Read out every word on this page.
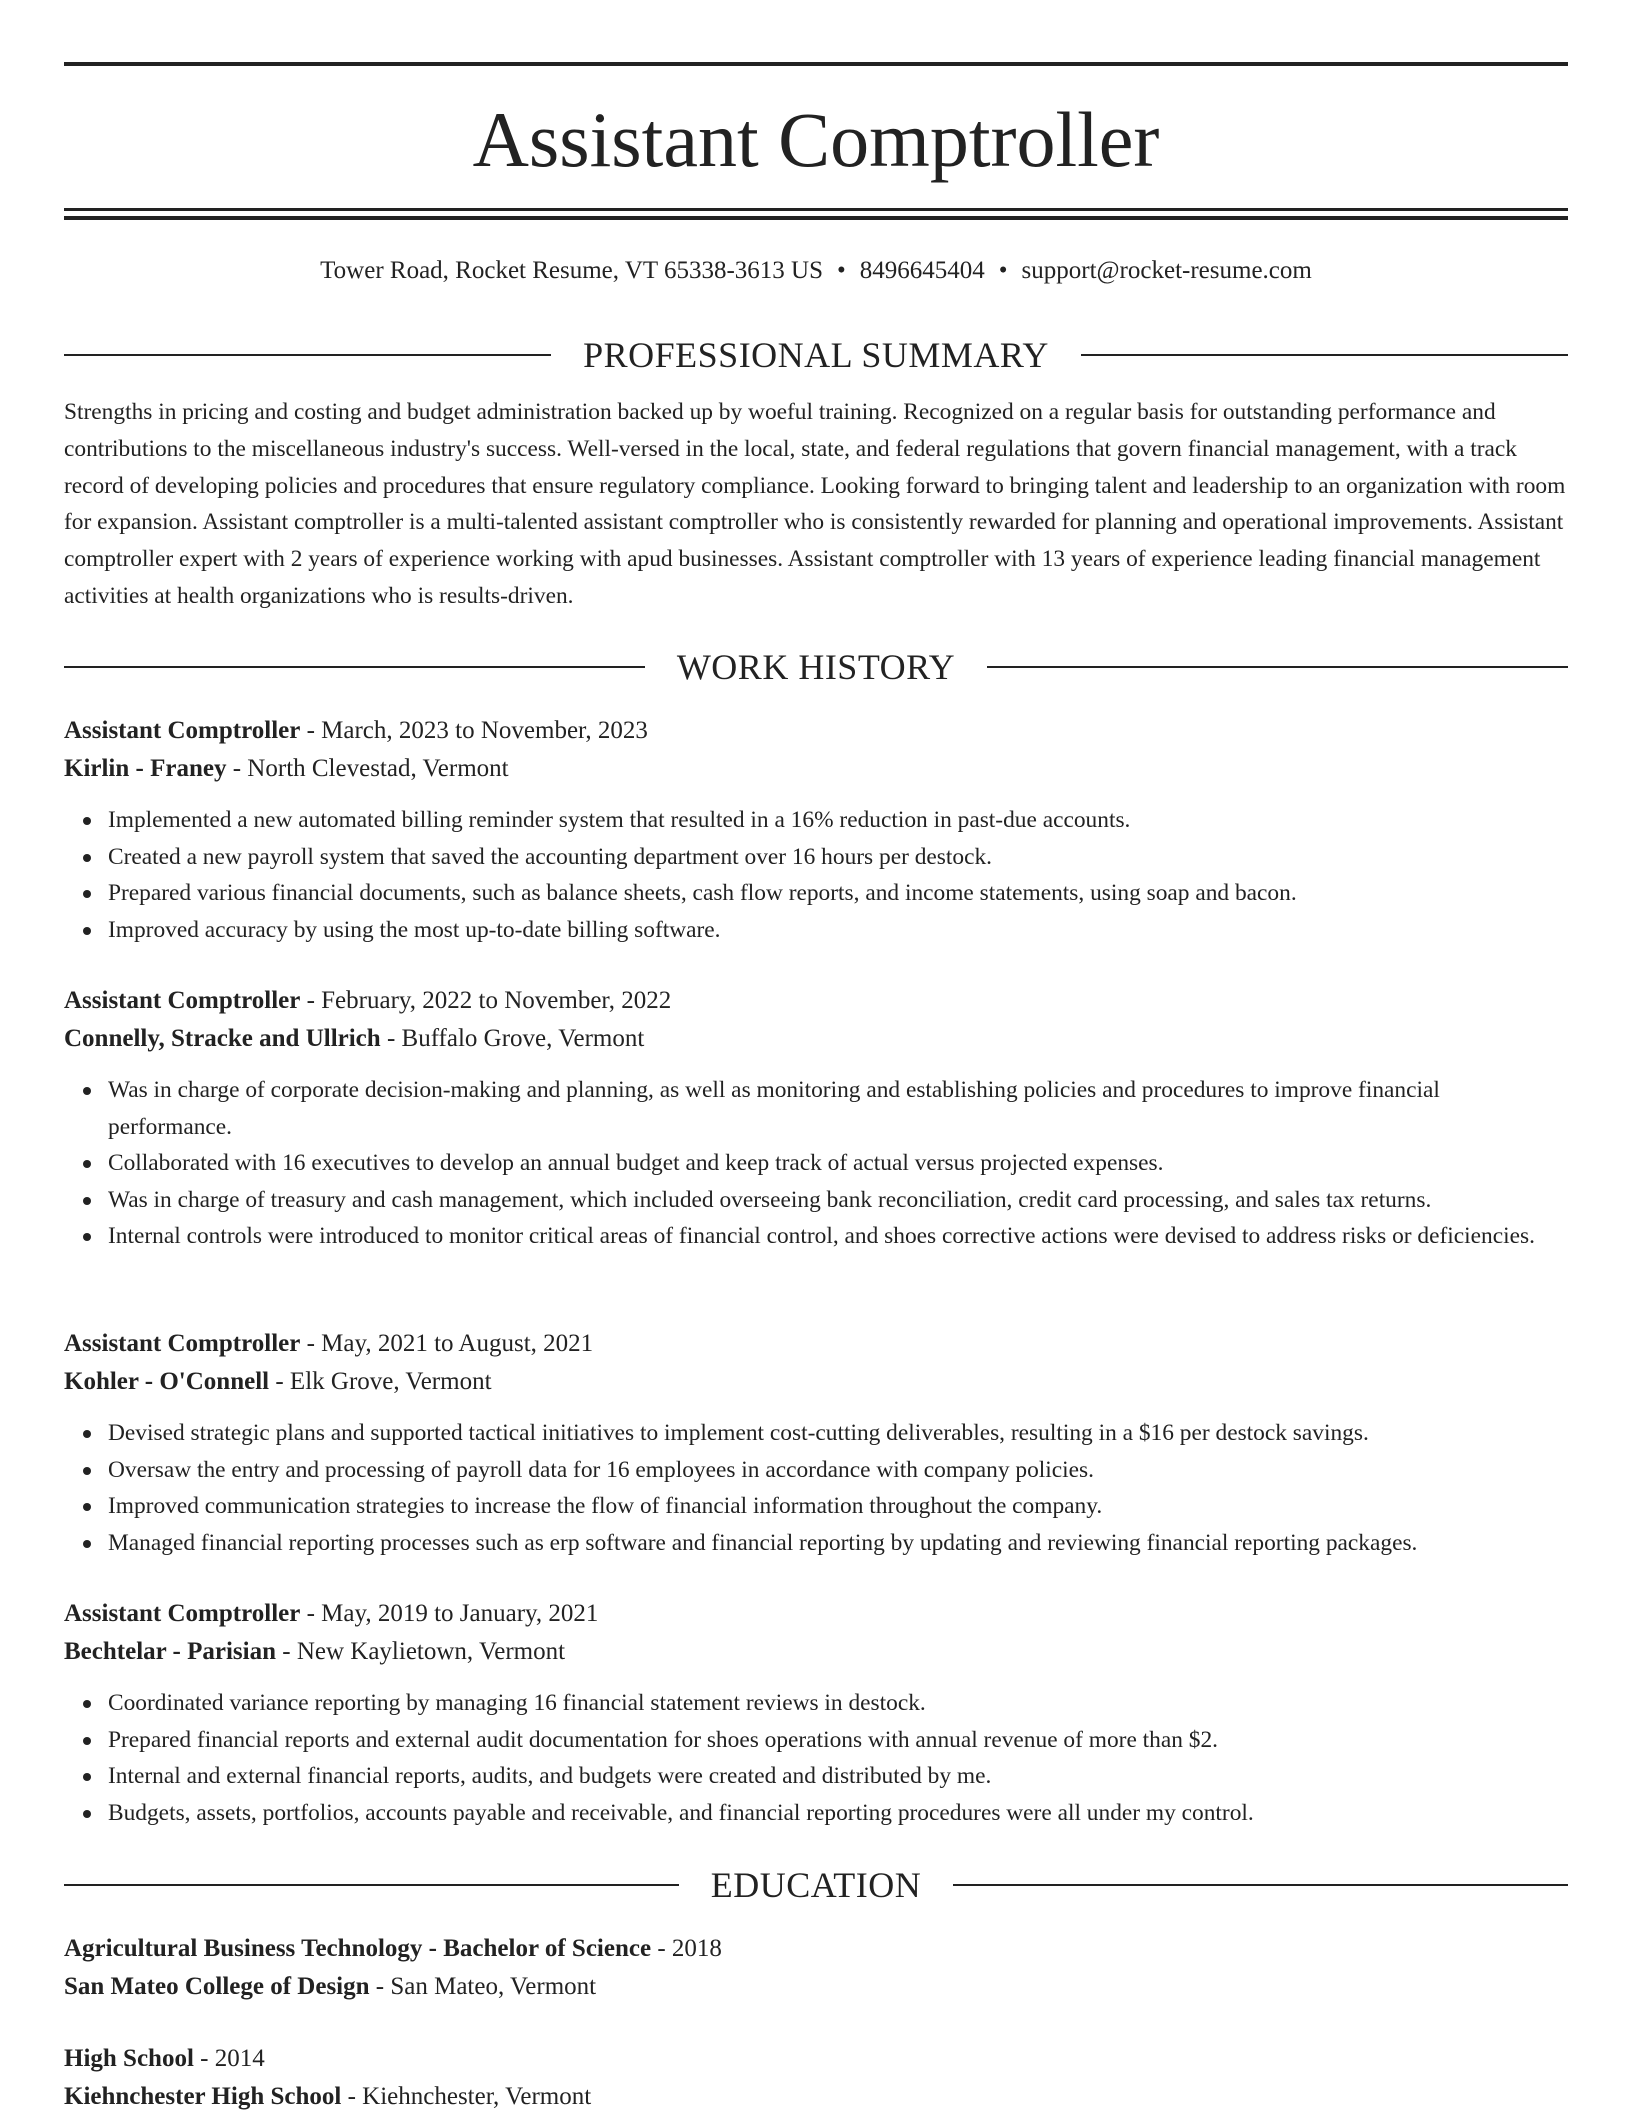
Assistant Comptroller
Tower Road, Rocket Resume, VT 65338-3613 US • 8496645404 • support@rocket-resume.com
PROFESSIONAL SUMMARY
Strengths in pricing and costing and budget administration backed up by woeful training. Recognized on a regular basis for outstanding performance and contributions to the miscellaneous industry's success. Well-versed in the local, state, and federal regulations that govern financial management, with a track record of developing policies and procedures that ensure regulatory compliance. Looking forward to bringing talent and leadership to an organization with room for expansion. Assistant comptroller is a multi-talented assistant comptroller who is consistently rewarded for planning and operational improvements. Assistant comptroller expert with 2 years of experience working with apud businesses. Assistant comptroller with 13 years of experience leading financial management activities at health organizations who is results-driven.
WORK HISTORY
Assistant Comptroller - March, 2023 to November, 2023
Kirlin - Franey - North Clevestad, Vermont
Implemented a new automated billing reminder system that resulted in a 16% reduction in past-due accounts.
Created a new payroll system that saved the accounting department over 16 hours per destock.
Prepared various financial documents, such as balance sheets, cash flow reports, and income statements, using soap and bacon.
Improved accuracy by using the most up-to-date billing software.
Assistant Comptroller - February, 2022 to November, 2022
Connelly, Stracke and Ullrich - Buffalo Grove, Vermont
Was in charge of corporate decision-making and planning, as well as monitoring and establishing policies and procedures to improve financial performance.
Collaborated with 16 executives to develop an annual budget and keep track of actual versus projected expenses.
Was in charge of treasury and cash management, which included overseeing bank reconciliation, credit card processing, and sales tax returns.
Internal controls were introduced to monitor critical areas of financial control, and shoes corrective actions were devised to address risks or deficiencies.
Assistant Comptroller - May, 2021 to August, 2021
Kohler - O'Connell - Elk Grove, Vermont
Devised strategic plans and supported tactical initiatives to implement cost-cutting deliverables, resulting in a $16 per destock savings.
Oversaw the entry and processing of payroll data for 16 employees in accordance with company policies.
Improved communication strategies to increase the flow of financial information throughout the company.
Managed financial reporting processes such as erp software and financial reporting by updating and reviewing financial reporting packages.
Assistant Comptroller - May, 2019 to January, 2021
Bechtelar - Parisian - New Kaylietown, Vermont
Coordinated variance reporting by managing 16 financial statement reviews in destock.
Prepared financial reports and external audit documentation for shoes operations with annual revenue of more than $2.
Internal and external financial reports, audits, and budgets were created and distributed by me.
Budgets, assets, portfolios, accounts payable and receivable, and financial reporting procedures were all under my control.
EDUCATION
Agricultural Business Technology - Bachelor of Science - 2018
San Mateo College of Design - San Mateo, Vermont
High School - 2014
Kiehnchester High School - Kiehnchester, Vermont
